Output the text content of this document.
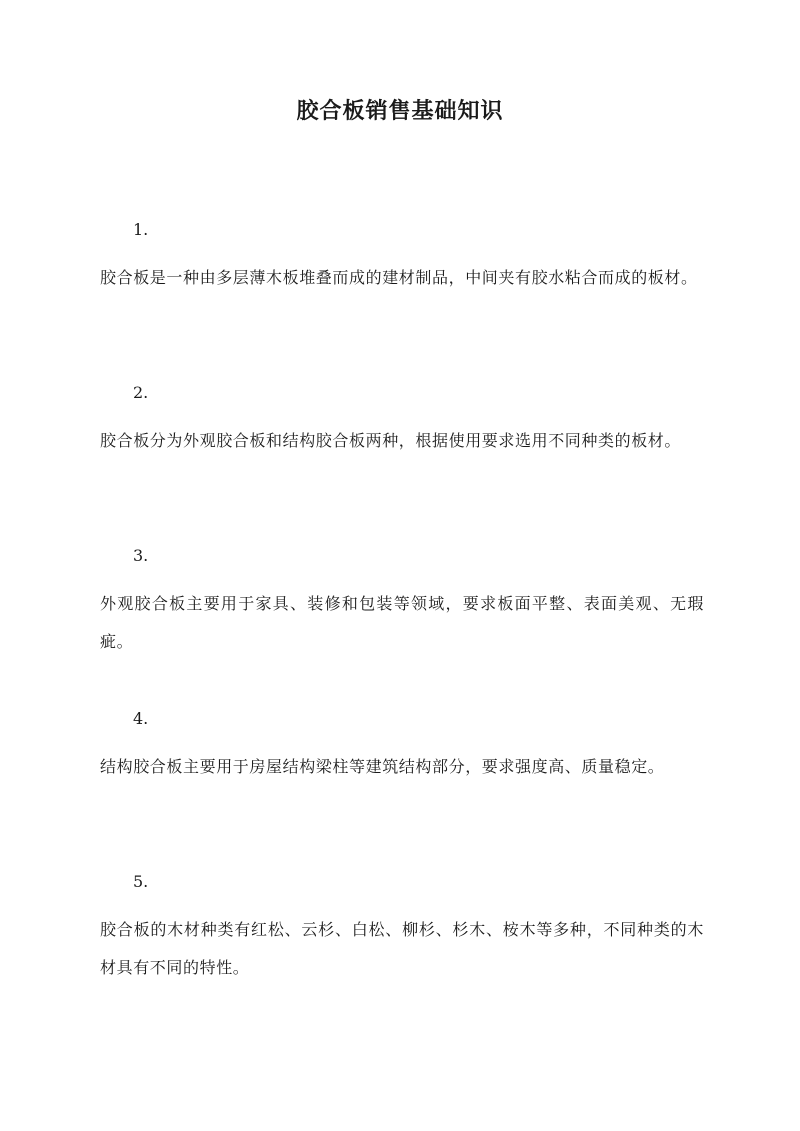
胶合板销售基础知识
1.
胶合板是一种由多层薄木板堆叠而成的建材制品，中间夹有胶水粘合而成的板材。
2.
胶合板分为外观胶合板和结构胶合板两种，根据使用要求选用不同种类的板材。
3.
外观胶合板主要用于家具、装修和包装等领域，要求板面平整、表面美观、无瑕疵。
4.
结构胶合板主要用于房屋结构梁柱等建筑结构部分，要求强度高、质量稳定。
5.
胶合板的木材种类有红松、云杉、白松、柳杉、杉木、桉木等多种，不同种类的木材具有不同的特性。
